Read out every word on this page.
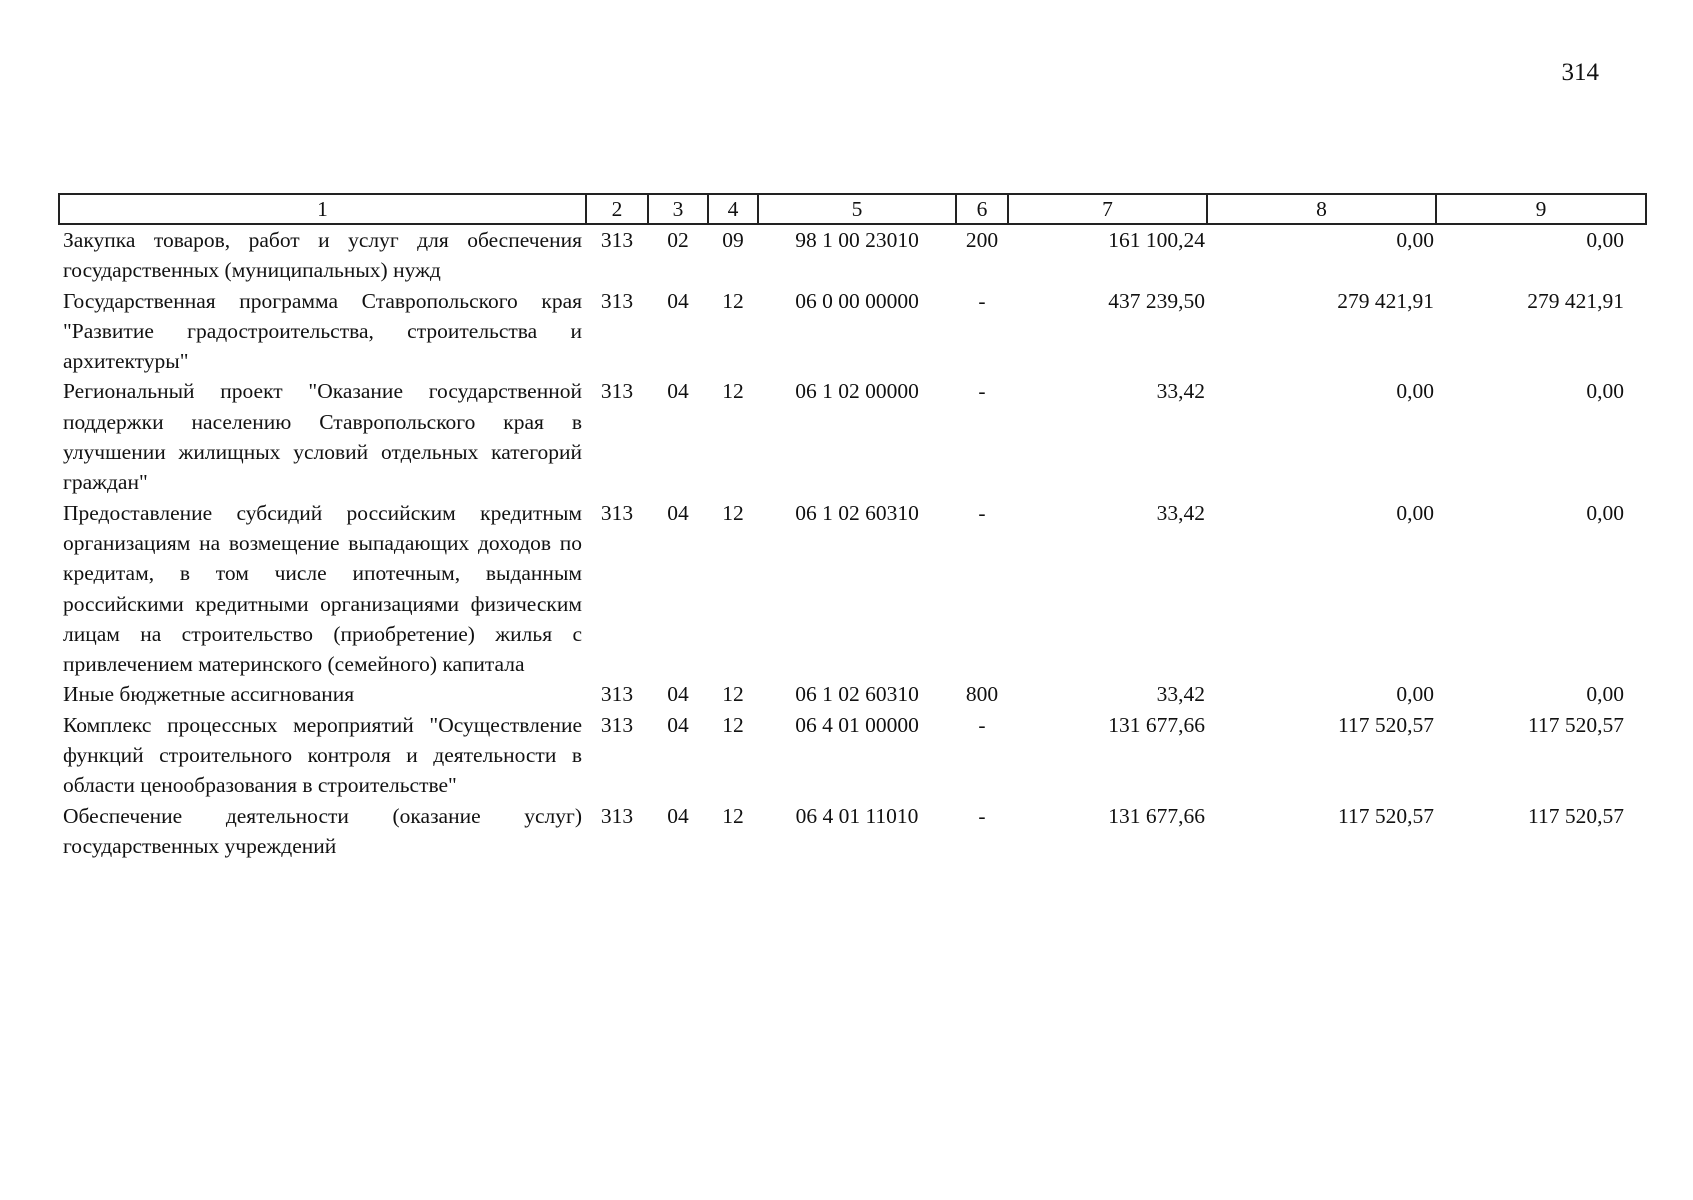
314
1	2	3	4	5	6	7	8	9
Закупка товаров, работ и услуг для обеспечения государственных (муниципальных) нужд	313	02	09	98 1 00 23010	200	161 100,24	0,00	0,00
Государственная программа Ставропольского края "Развитие градостроительства, строительства и архитектуры"	313	04	12	06 0 00 00000	-	437 239,50	279 421,91	279 421,91
Региональный проект "Оказание государственной поддержки населению Ставропольского края в улучшении жилищных условий отдельных категорий граждан"	313	04	12	06 1 02 00000	-	33,42	0,00	0,00
Предоставление субсидий российским кредитным организациям на возмещение выпадающих доходов по кредитам, в том числе ипотечным, выданным российскими кредитными организациями физическим лицам на строительство (приобретение) жилья с привлечением материнского (семейного) капитала	313	04	12	06 1 02 60310	-	33,42	0,00	0,00
Иные бюджетные ассигнования	313	04	12	06 1 02 60310	800	33,42	0,00	0,00
Комплекс процессных мероприятий "Осуществление функций строительного контроля и деятельности в области ценообразования в строительстве"	313	04	12	06 4 01 00000	-	131 677,66	117 520,57	117 520,57
Обеспечение деятельности (оказание услуг) государственных учреждений	313	04	12	06 4 01 11010	-	131 677,66	117 520,57	117 520,57
